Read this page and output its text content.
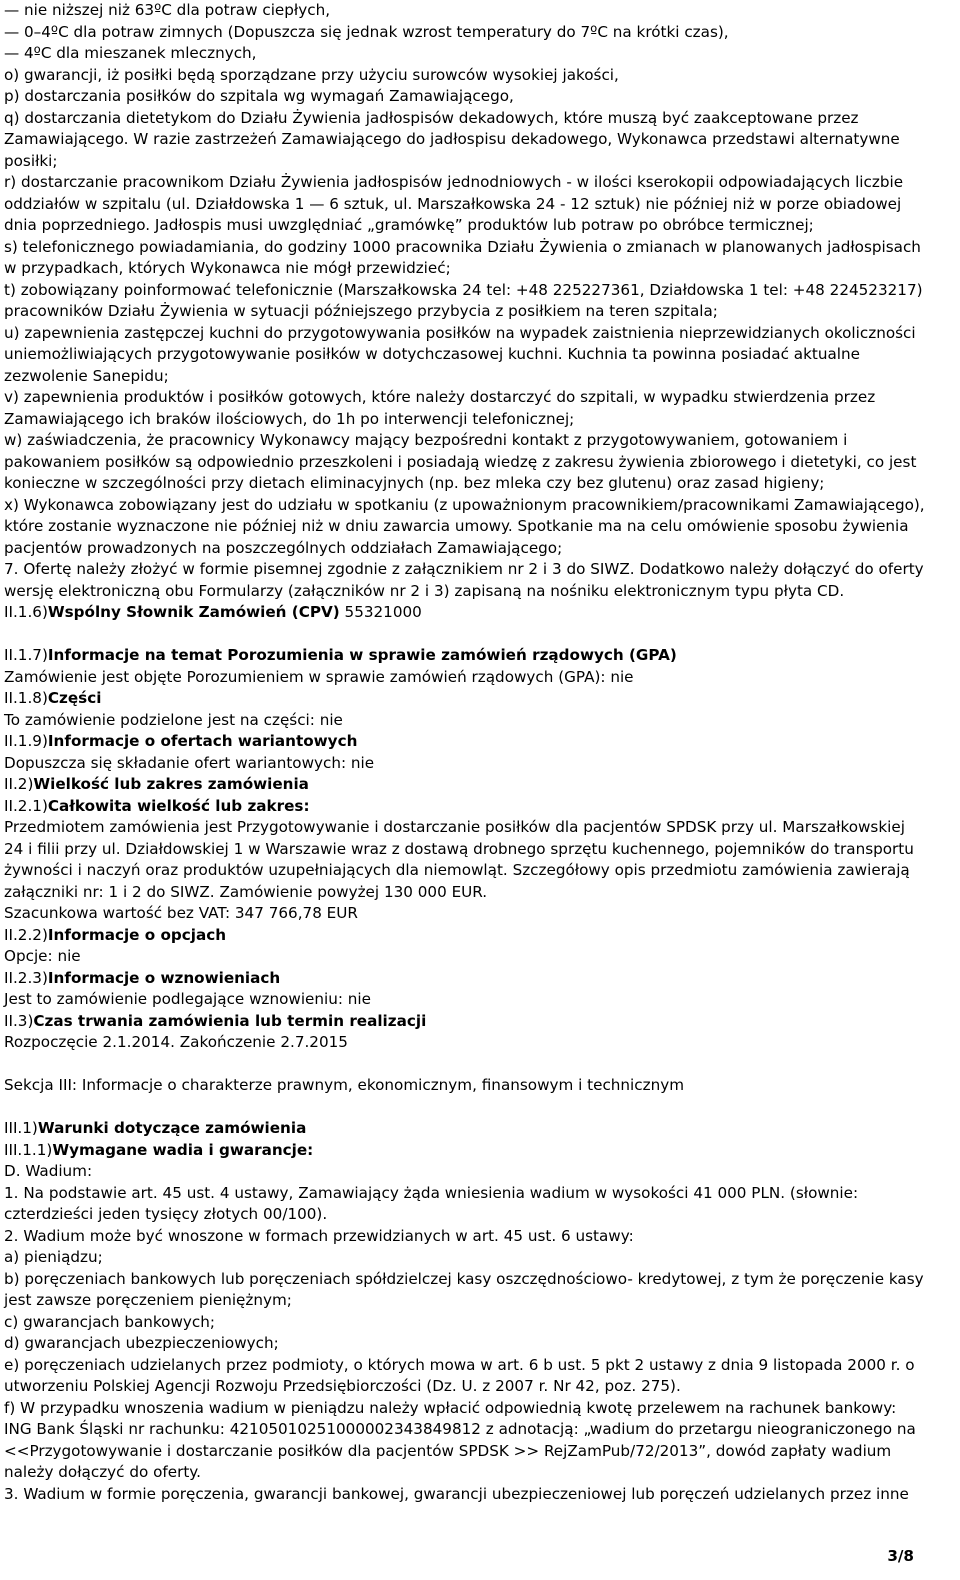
— nie niższej niż 63ºC dla potraw ciepłych,
— 0–4ºC dla potraw zimnych (Dopuszcza się jednak wzrost temperatury do 7ºC na krótki czas),
— 4ºC dla mieszanek mlecznych,
o) gwarancji, iż posiłki będą sporządzane przy użyciu surowców wysokiej jakości,
p) dostarczania posiłków do szpitala wg wymagań Zamawiającego,
q) dostarczania dietetykom do Działu Żywienia jadłospisów dekadowych, które muszą być zaakceptowane przez
Zamawiającego. W razie zastrzeżeń Zamawiającego do jadłospisu dekadowego, Wykonawca przedstawi alternatywne
posiłki;
r) dostarczanie pracownikom Działu Żywienia jadłospisów jednodniowych - w ilości kserokopii odpowiadających liczbie
oddziałów w szpitalu (ul. Działdowska 1 — 6 sztuk, ul. Marszałkowska 24 - 12 sztuk) nie później niż w porze obiadowej
dnia poprzedniego. Jadłospis musi uwzględniać „gramówkę” produktów lub potraw po obróbce termicznej;
s) telefonicznego powiadamiania, do godziny 1000 pracownika Działu Żywienia o zmianach w planowanych jadłospisach
w przypadkach, których Wykonawca nie mógł przewidzieć;
t) zobowiązany poinformować telefonicznie (Marszałkowska 24 tel: +48 225227361, Działdowska 1 tel: +48 224523217)
pracowników Działu Żywienia w sytuacji późniejszego przybycia z posiłkiem na teren szpitala;
u) zapewnienia zastępczej kuchni do przygotowywania posiłków na wypadek zaistnienia nieprzewidzianych okoliczności
uniemożliwiających przygotowywanie posiłków w dotychczasowej kuchni. Kuchnia ta powinna posiadać aktualne
zezwolenie Sanepidu;
v) zapewnienia produktów i posiłków gotowych, które należy dostarczyć do szpitali, w wypadku stwierdzenia przez
Zamawiającego ich braków ilościowych, do 1h po interwencji telefonicznej;
w) zaświadczenia, że pracownicy Wykonawcy mający bezpośredni kontakt z przygotowywaniem, gotowaniem i
pakowaniem posiłków są odpowiednio przeszkoleni i posiadają wiedzę z zakresu żywienia zbiorowego i dietetyki, co jest
konieczne w szczególności przy dietach eliminacyjnych (np. bez mleka czy bez glutenu) oraz zasad higieny;
x) Wykonawca zobowiązany jest do udziału w spotkaniu (z upoważnionym pracownikiem/pracownikami Zamawiającego),
które zostanie wyznaczone nie później niż w dniu zawarcia umowy. Spotkanie ma na celu omówienie sposobu żywienia
pacjentów prowadzonych na poszczególnych oddziałach Zamawiającego;
7. Ofertę należy złożyć w formie pisemnej zgodnie z załącznikiem nr 2 i 3 do SIWZ. Dodatkowo należy dołączyć do oferty
wersję elektroniczną obu Formularzy (załączników nr 2 i 3) zapisaną na nośniku elektronicznym typu płyta CD.
II.1.6)Wspólny Słownik Zamówień (CPV) 55321000
II.1.7)Informacje na temat Porozumienia w sprawie zamówień rządowych (GPA)
Zamówienie jest objęte Porozumieniem w sprawie zamówień rządowych (GPA): nie
II.1.8)Części
To zamówienie podzielone jest na części: nie
II.1.9)Informacje o ofertach wariantowych
Dopuszcza się składanie ofert wariantowych: nie
II.2)Wielkość lub zakres zamówienia
II.2.1)Całkowita wielkość lub zakres:
Przedmiotem zamówienia jest Przygotowywanie i dostarczanie posiłków dla pacjentów SPDSK przy ul. Marszałkowskiej
24 i filii przy ul. Działdowskiej 1 w Warszawie wraz z dostawą drobnego sprzętu kuchennego, pojemników do transportu
żywności i naczyń oraz produktów uzupełniających dla niemowląt. Szczegółowy opis przedmiotu zamówienia zawierają
załączniki nr: 1 i 2 do SIWZ. Zamówienie powyżej 130 000 EUR.
Szacunkowa wartość bez VAT: 347 766,78 EUR
II.2.2)Informacje o opcjach
Opcje: nie
II.2.3)Informacje o wznowieniach
Jest to zamówienie podlegające wznowieniu: nie
II.3)Czas trwania zamówienia lub termin realizacji
Rozpoczęcie 2.1.2014. Zakończenie 2.7.2015
Sekcja III: Informacje o charakterze prawnym, ekonomicznym, finansowym i technicznym
III.1)Warunki dotyczące zamówienia
III.1.1)Wymagane wadia i gwarancje:
D. Wadium:
1. Na podstawie art. 45 ust. 4 ustawy, Zamawiający żąda wniesienia wadium w wysokości 41 000 PLN. (słownie:
czterdzieści jeden tysięcy złotych 00/100).
2. Wadium może być wnoszone w formach przewidzianych w art. 45 ust. 6 ustawy:
a) pieniądzu;
b) poręczeniach bankowych lub poręczeniach spółdzielczej kasy oszczędnościowo- kredytowej, z tym że poręczenie kasy
jest zawsze poręczeniem pieniężnym;
c) gwarancjach bankowych;
d) gwarancjach ubezpieczeniowych;
e) poręczeniach udzielanych przez podmioty, o których mowa w art. 6 b ust. 5 pkt 2 ustawy z dnia 9 listopada 2000 r. o
utworzeniu Polskiej Agencji Rozwoju Przedsiębiorczości (Dz. U. z 2007 r. Nr 42, poz. 275).
f) W przypadku wnoszenia wadium w pieniądzu należy wpłacić odpowiednią kwotę przelewem na rachunek bankowy:
ING Bank Śląski nr rachunku: 42105010251000002343849812 z adnotacją: „wadium do przetargu nieograniczonego na
<<Przygotowywanie i dostarczanie posiłków dla pacjentów SPDSK >> RejZamPub/72/2013”, dowód zapłaty wadium
należy dołączyć do oferty.
3. Wadium w formie poręczenia, gwarancji bankowej, gwarancji ubezpieczeniowej lub poręczeń udzielanych przez inne
3/8
